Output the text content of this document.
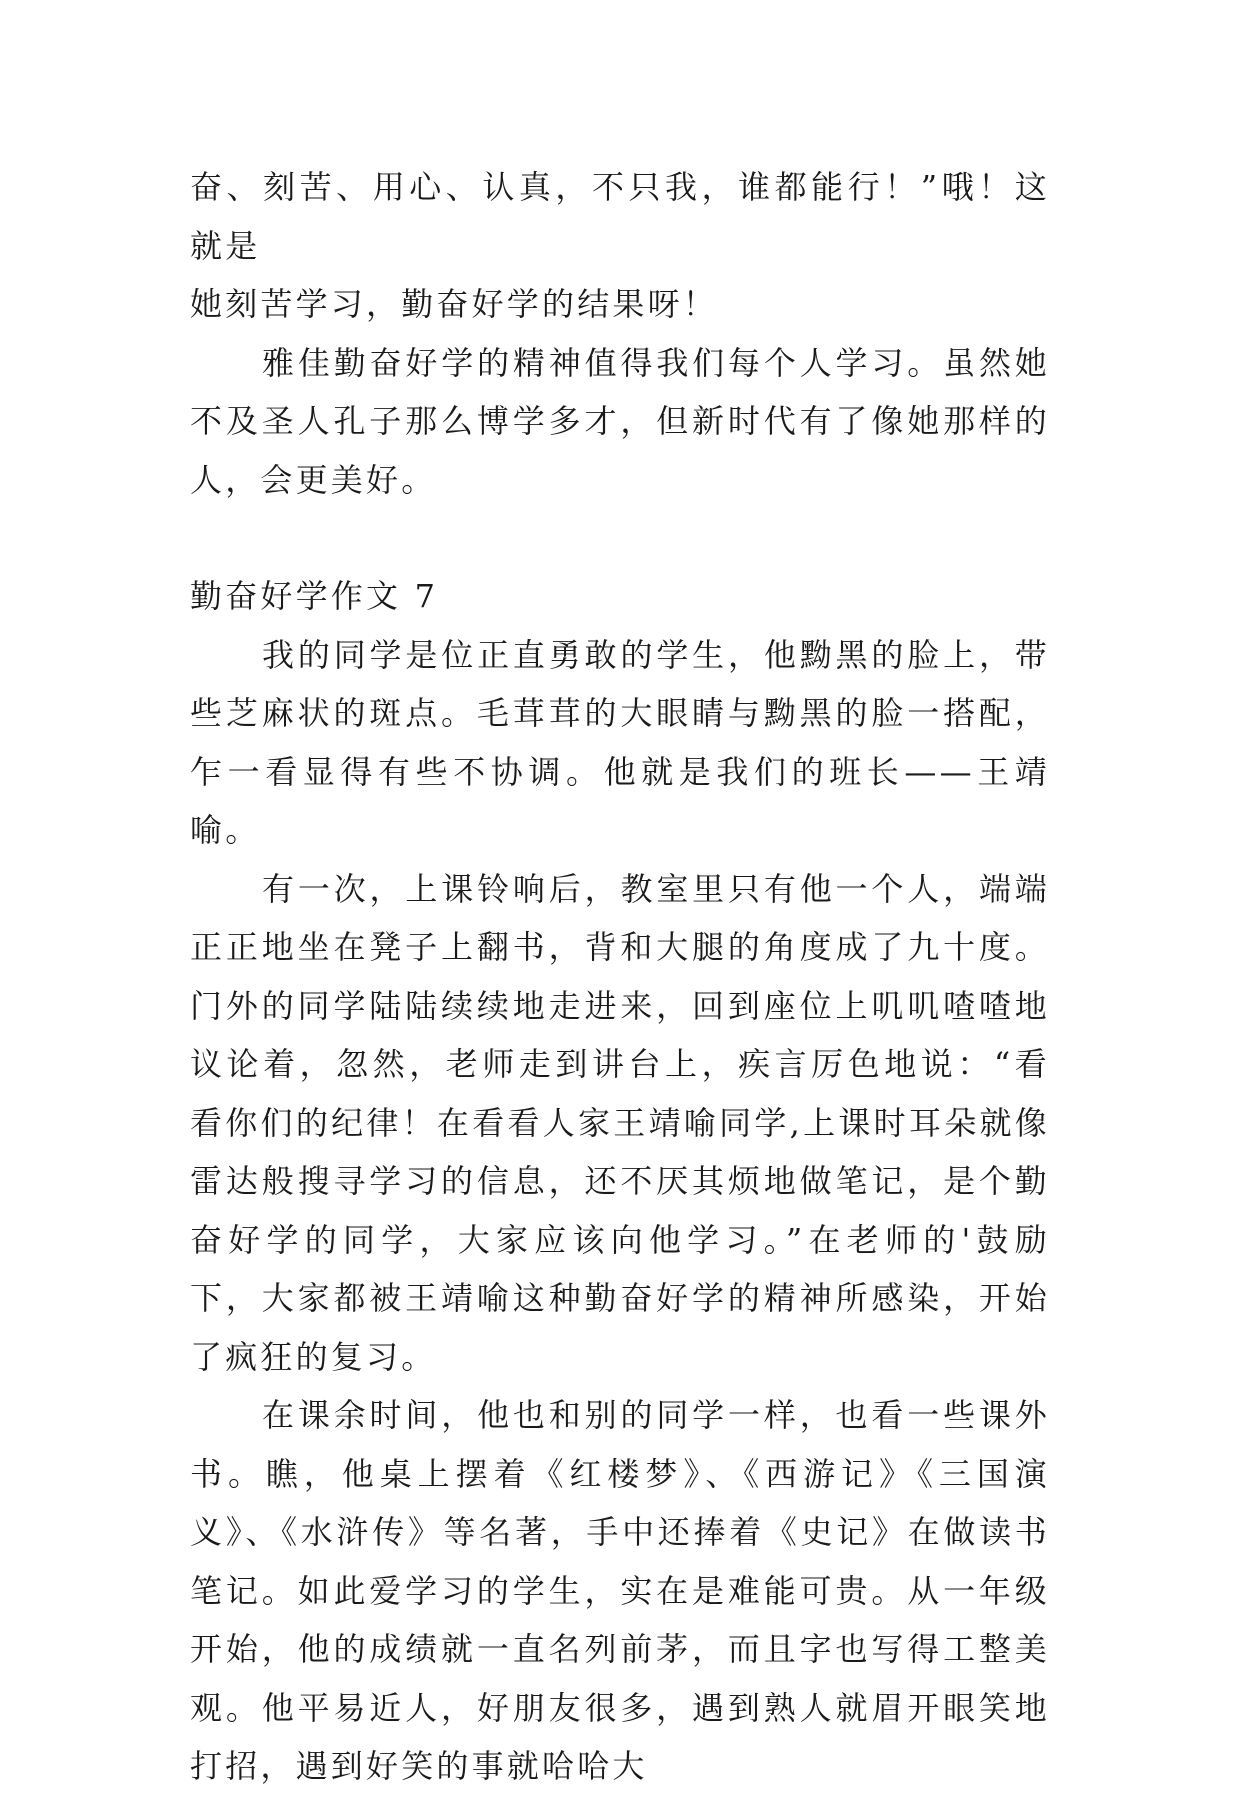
奋、刻苦、用心、认真，不只我，谁都能行！”哦！这就是

她刻苦学习，勤奋好学的结果呀！

雅佳勤奋好学的精神值得我们每个人学习。虽然她不及圣人孔子那么博学多才，但新时代有了像她那样的人，会更美好。

勤奋好学作文 7

我的同学是位正直勇敢的学生，他黝黑的脸上，带些芝麻状的斑点。毛茸茸的大眼睛与黝黑的脸一搭配，乍一看显得有些不协调。他就是我们的班长——王靖喻。

有一次，上课铃响后，教室里只有他一个人，端端正正地坐在凳子上翻书，背和大腿的角度成了九十度。门外的同学陆陆续续地走进来，回到座位上叽叽喳喳地议论着，忽然，老师走到讲台上，疾言厉色地说：“看看你们的纪律！在看看人家王靖喻同学,上课时耳朵就像雷达般搜寻学习的信息，还不厌其烦地做笔记，是个勤奋好学的同学，大家应该向他学习。”在老师的'鼓励下，大家都被王靖喻这种勤奋好学的精神所感染，开始了疯狂的复习。

在课余时间，他也和别的同学一样，也看一些课外书。瞧，他桌上摆着《红楼梦》、《西游记》《三国演义》、《水浒传》等名著，手中还捧着《史记》在做读书笔记。如此爱学习的学生，实在是难能可贵。从一年级开始，他的成绩就一直名列前茅，而且字也写得工整美观。他平易近人，好朋友很多，遇到熟人就眉开眼笑地打招，遇到好笑的事就哈哈大
